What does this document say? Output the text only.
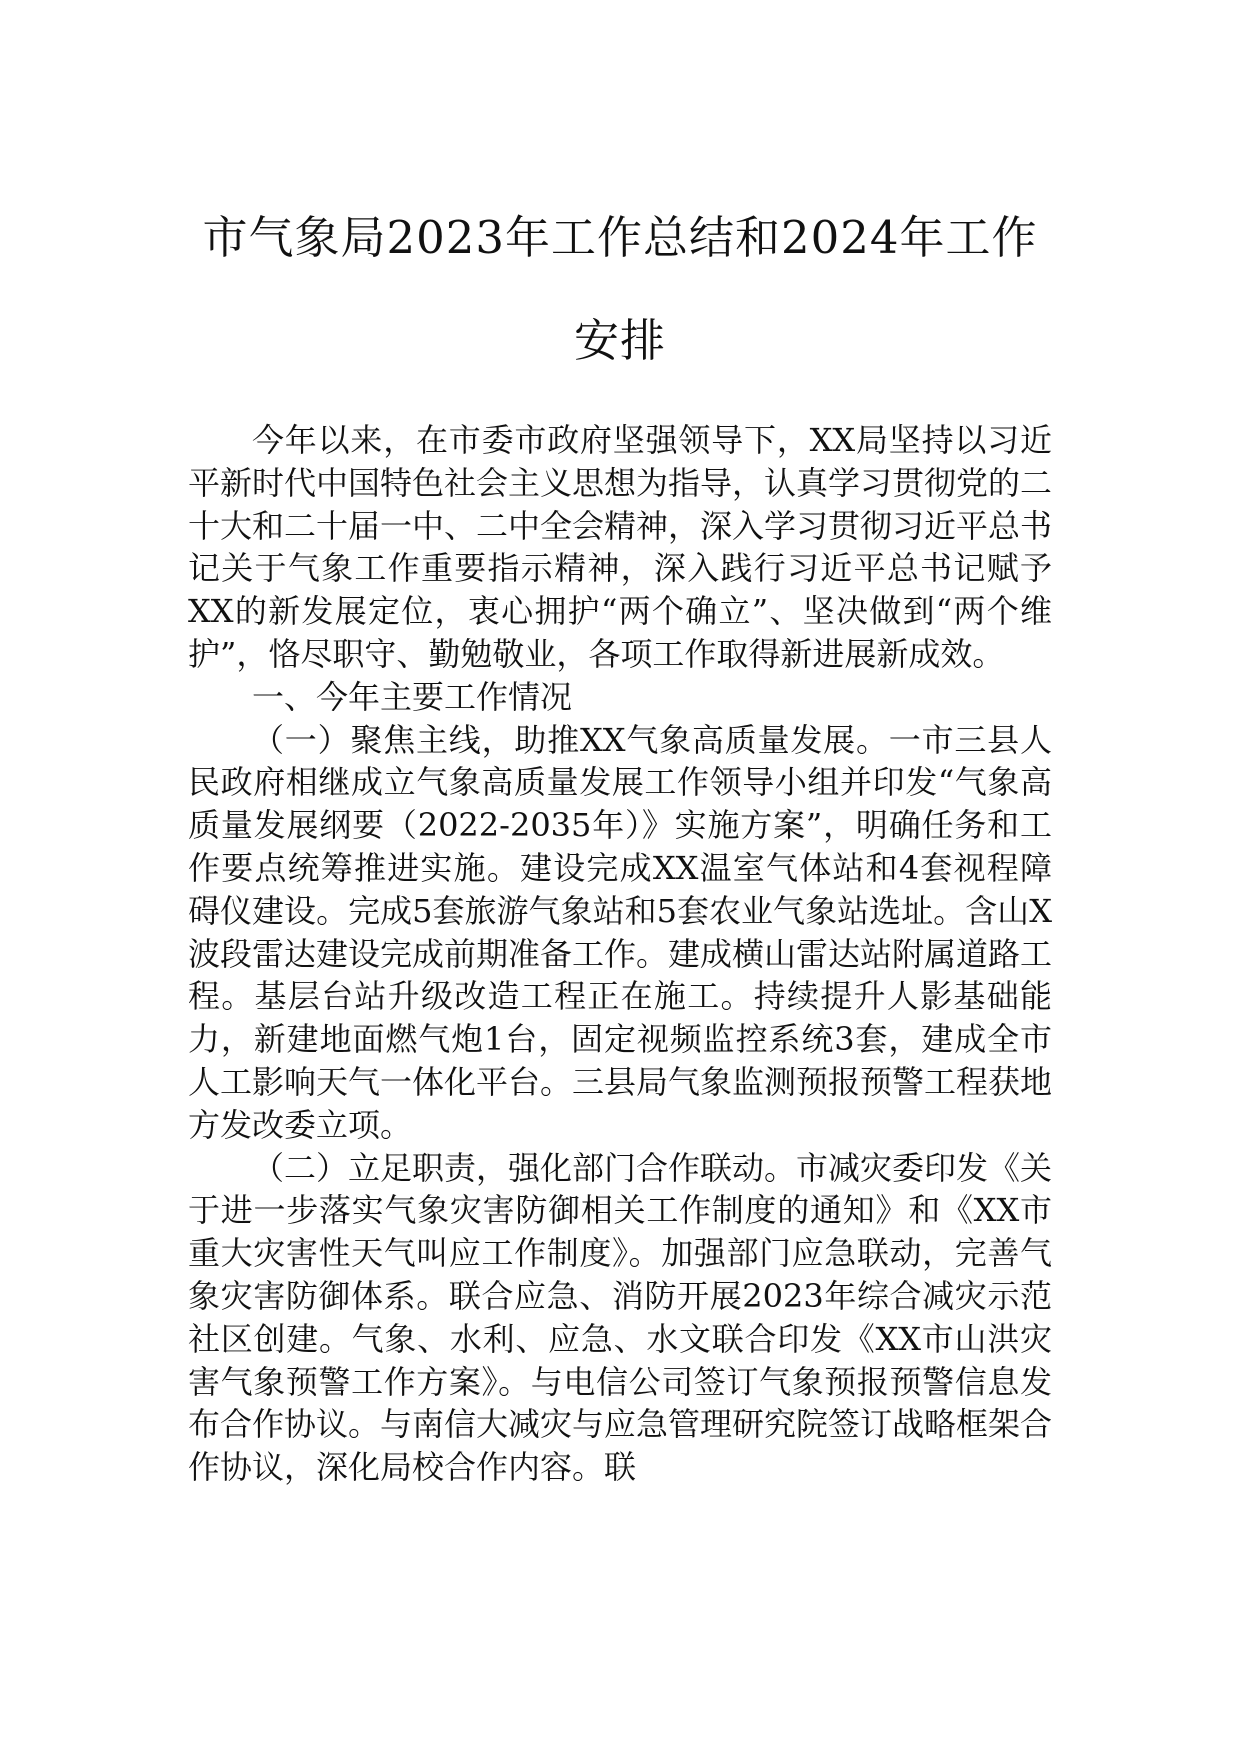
市气象局2023年工作总结和2024年工作安排

今年以来，在市委市政府坚强领导下，XX局坚持以习近平新时代中国特色社会主义思想为指导，认真学习贯彻党的二十大和二十届一中、二中全会精神，深入学习贯彻习近平总书记关于气象工作重要指示精神，深入践行习近平总书记赋予XX的新发展定位，衷心拥护“两个确立”、坚决做到“两个维护”，恪尽职守、勤勉敬业，各项工作取得新进展新成效。

一、今年主要工作情况

（一）聚焦主线，助推XX气象高质量发展。一市三县人民政府相继成立气象高质量发展工作领导小组并印发“气象高质量发展纲要（2022-2035年）》实施方案”，明确任务和工作要点统筹推进实施。建设完成XX温室气体站和4套视程障碍仪建设。完成5套旅游气象站和5套农业气象站选址。含山X波段雷达建设完成前期准备工作。建成横山雷达站附属道路工程。基层台站升级改造工程正在施工。持续提升人影基础能力，新建地面燃气炮1台，固定视频监控系统3套，建成全市人工影响天气一体化平台。三县局气象监测预报预警工程获地方发改委立项。

（二）立足职责，强化部门合作联动。市减灾委印发《关于进一步落实气象灾害防御相关工作制度的通知》和《XX市重大灾害性天气叫应工作制度》。加强部门应急联动，完善气象灾害防御体系。联合应急、消防开展2023年综合减灾示范社区创建。气象、水利、应急、水文联合印发《XX市山洪灾害气象预警工作方案》。与电信公司签订气象预报预警信息发布合作协议。与南信大减灾与应急管理研究院签订战略框架合作协议，深化局校合作内容。联
